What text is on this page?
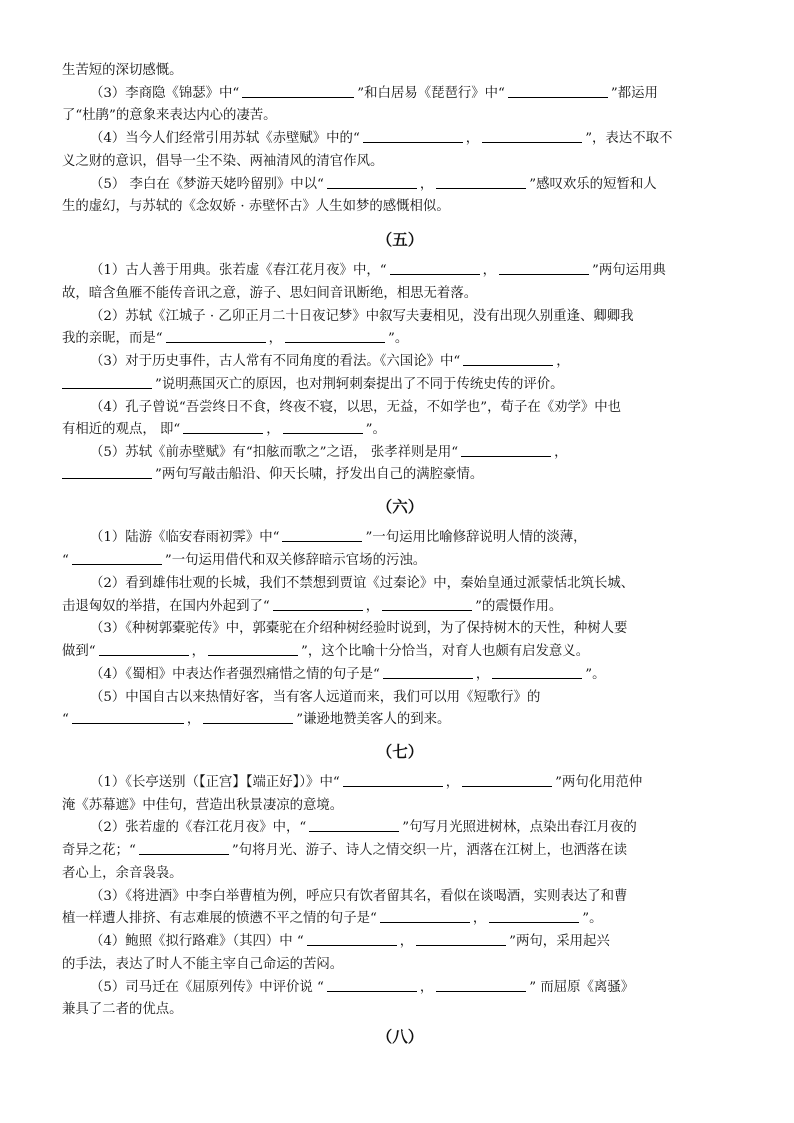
生苦短的深切感慨。
（3）李商隐《锦瑟》中“	”和白居易《琵琶行》中“	”都运用
了“杜鹃”的意象来表达内心的凄苦。
（4）当今人们经常引用苏轼《赤壁赋》中的“	，	”，表达不取不
义之财的意识，倡导一尘不染、两袖清风的清官作风。
（5） 李白在《梦游天姥吟留别》中以“	，	”感叹欢乐的短暂和人
生的虚幻，与苏轼的《念奴娇 · 赤壁怀古》人生如梦的感慨相似。
（五）
（1）古人善于用典。张若虚《春江花月夜》中，“	，	”两句运用典
故，暗含鱼雁不能传音讯之意，游子、思妇间音讯断绝，相思无着落。
（2）苏轼《江城子 · 乙卯正月二十日夜记梦》中叙写夫妻相见，没有出现久别重逢、卿卿我
我的亲昵，而是“	，	”。
（3）对于历史事件，古人常有不同角度的看法。《六国论》中“	，
”说明燕国灭亡的原因，也对荆轲刺秦提出了不同于传统史传的评价。
（4）孔子曾说“吾尝终日不食，终夜不寝，以思，无益，不如学也”，荀子在《劝学》中也
有相近的观点， 即“	，	”。
（5）苏轼《前赤壁赋》有“扣舷而歌之”之语， 张孝祥则是用“	，
”两句写敲击船沿、仰天长啸，抒发出自己的满腔豪情。
（六）
（1）陆游《临安春雨初霁》中“	”一句运用比喻修辞说明人情的淡薄，
“	”一句运用借代和双关修辞暗示官场的污浊。
（2）看到雄伟壮观的长城，我们不禁想到贾谊《过秦论》中，秦始皇通过派蒙恬北筑长城、
击退匈奴的举措，在国内外起到了“	，	”的震慑作用。
（3）《种树郭橐驼传》中，郭橐驼在介绍种树经验时说到，为了保持树木的天性，种树人要
做到“	，	”，这个比喻十分恰当，对育人也颇有启发意义。
（4）《蜀相》中表达作者强烈痛惜之情的句子是“	，	”。
（5）中国自古以来热情好客，当有客人远道而来，我们可以用《短歌行》的
“	，	”谦逊地赞美客人的到来。
（七）
（1）《长亭送别（【正宫】【端正好】）》中“	，	”两句化用范仲
淹《苏幕遮》中佳句，营造出秋景凄凉的意境。
（2）张若虚的《春江花月夜》中，“	”句写月光照进树林，点染出春江月夜的
奇异之花；“	”句将月光、游子、诗人之情交织一片，洒落在江树上，也洒落在读
者心上，余音袅袅。
（3）《将进酒》中李白举曹植为例，呼应只有饮者留其名，看似在谈喝酒，实则表达了和曹
植一样遭人排挤、有志难展的愤懑不平之情的句子是“	，	”。
（4）鲍照《拟行路难》（其四）中 “	，	”两句，采用起兴
的手法，表达了时人不能主宰自己命运的苦闷。
（5）司马迁在《屈原列传》中评价说 “	，	” 而屈原《离骚》
兼具了二者的优点。
（八）
